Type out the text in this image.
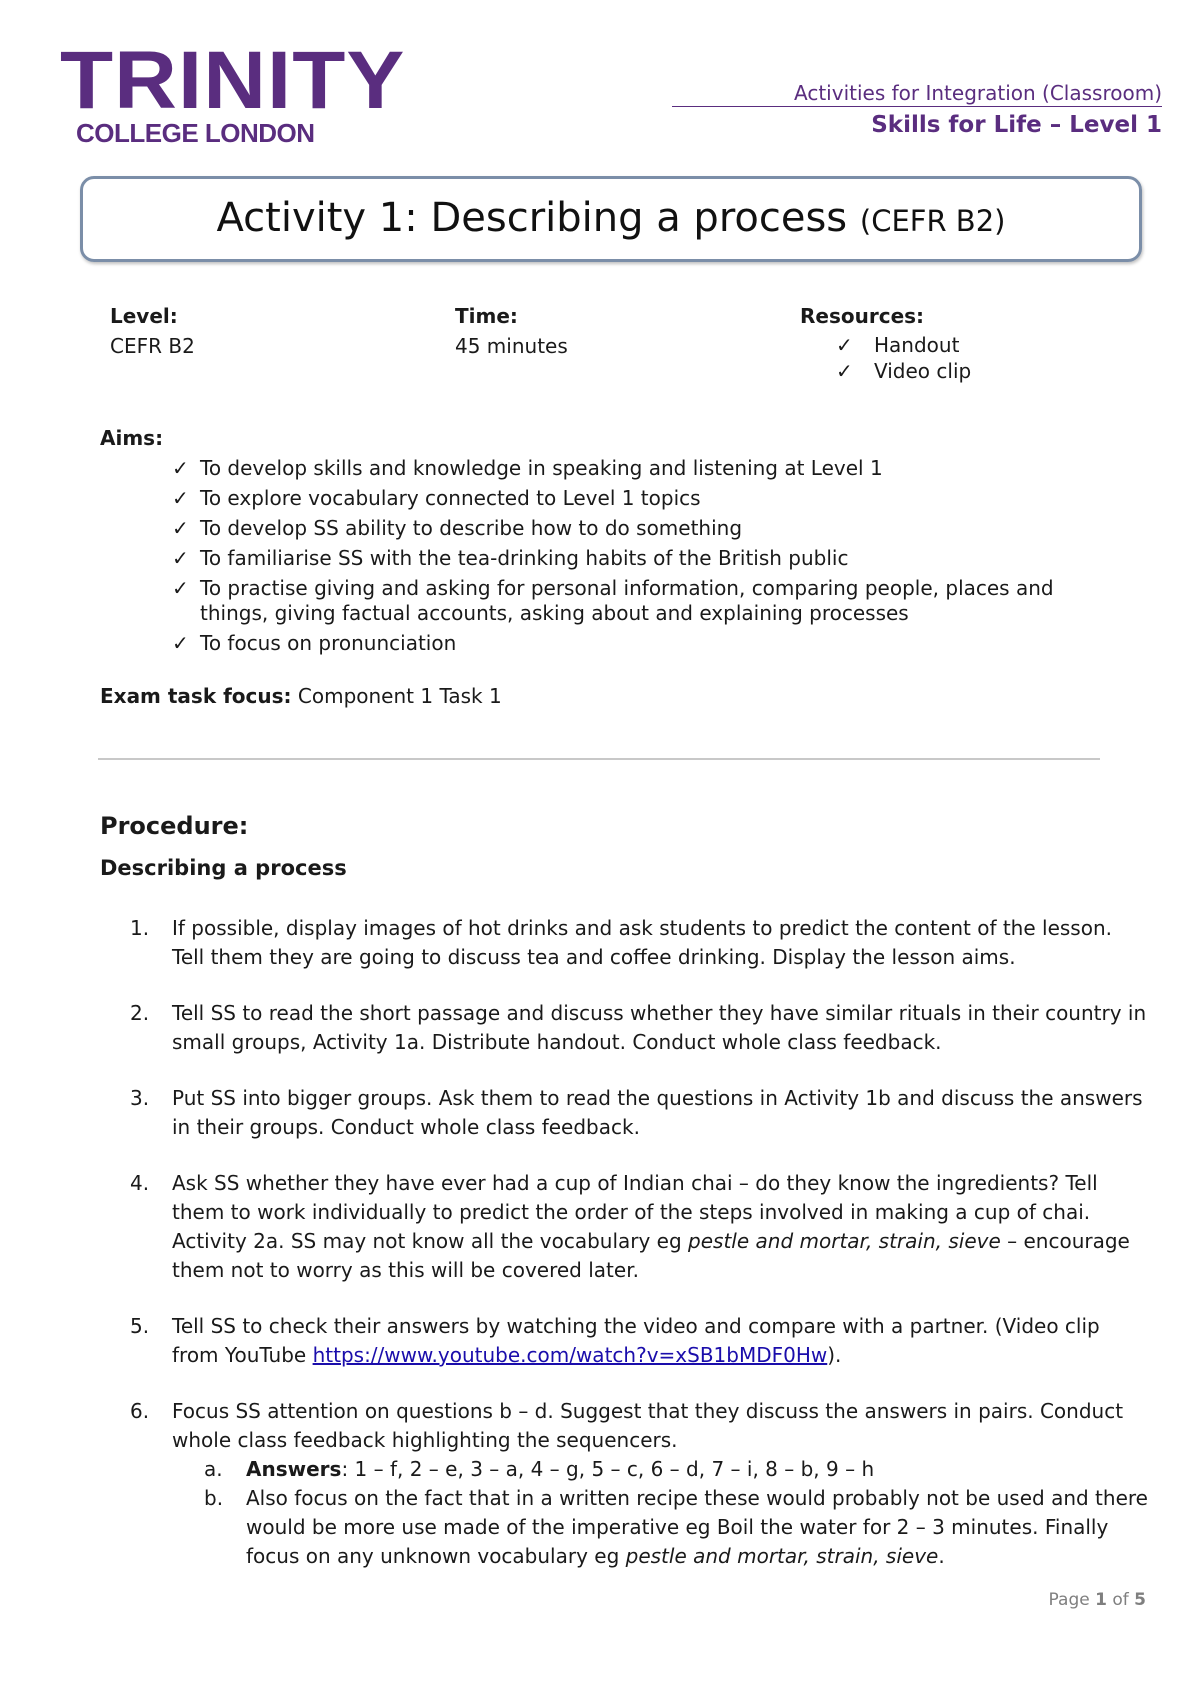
TRINITY
COLLEGE LONDON
Activities for Integration (Classroom)
Skills for Life – Level 1
Activity 1: Describing a process (CEFR B2)
Level:
CEFR B2
Time:
45 minutes
Resources:
✓ Handout
✓ Video clip
Aims:
✓ To develop skills and knowledge in speaking and listening at Level 1
✓ To explore vocabulary connected to Level 1 topics
✓ To develop SS ability to describe how to do something
✓ To familiarise SS with the tea-drinking habits of the British public
✓ To practise giving and asking for personal information, comparing people, places and things, giving factual accounts, asking about and explaining processes
✓ To focus on pronunciation
Exam task focus: Component 1 Task 1
Procedure:
Describing a process
1. If possible, display images of hot drinks and ask students to predict the content of the lesson. Tell them they are going to discuss tea and coffee drinking. Display the lesson aims.
2. Tell SS to read the short passage and discuss whether they have similar rituals in their country in small groups, Activity 1a. Distribute handout. Conduct whole class feedback.
3. Put SS into bigger groups. Ask them to read the questions in Activity 1b and discuss the answers in their groups. Conduct whole class feedback.
4. Ask SS whether they have ever had a cup of Indian chai – do they know the ingredients? Tell them to work individually to predict the order of the steps involved in making a cup of chai. Activity 2a. SS may not know all the vocabulary eg pestle and mortar, strain, sieve – encourage them not to worry as this will be covered later.
5. Tell SS to check their answers by watching the video and compare with a partner. (Video clip from YouTube https://www.youtube.com/watch?v=xSB1bMDF0Hw).
6. Focus SS attention on questions b – d. Suggest that they discuss the answers in pairs. Conduct whole class feedback highlighting the sequencers.
a. Answers: 1 – f, 2 – e, 3 – a, 4 – g, 5 – c, 6 – d, 7 – i, 8 – b, 9 – h
b. Also focus on the fact that in a written recipe these would probably not be used and there would be more use made of the imperative eg Boil the water for 2 – 3 minutes. Finally focus on any unknown vocabulary eg pestle and mortar, strain, sieve.
Page 1 of 5
